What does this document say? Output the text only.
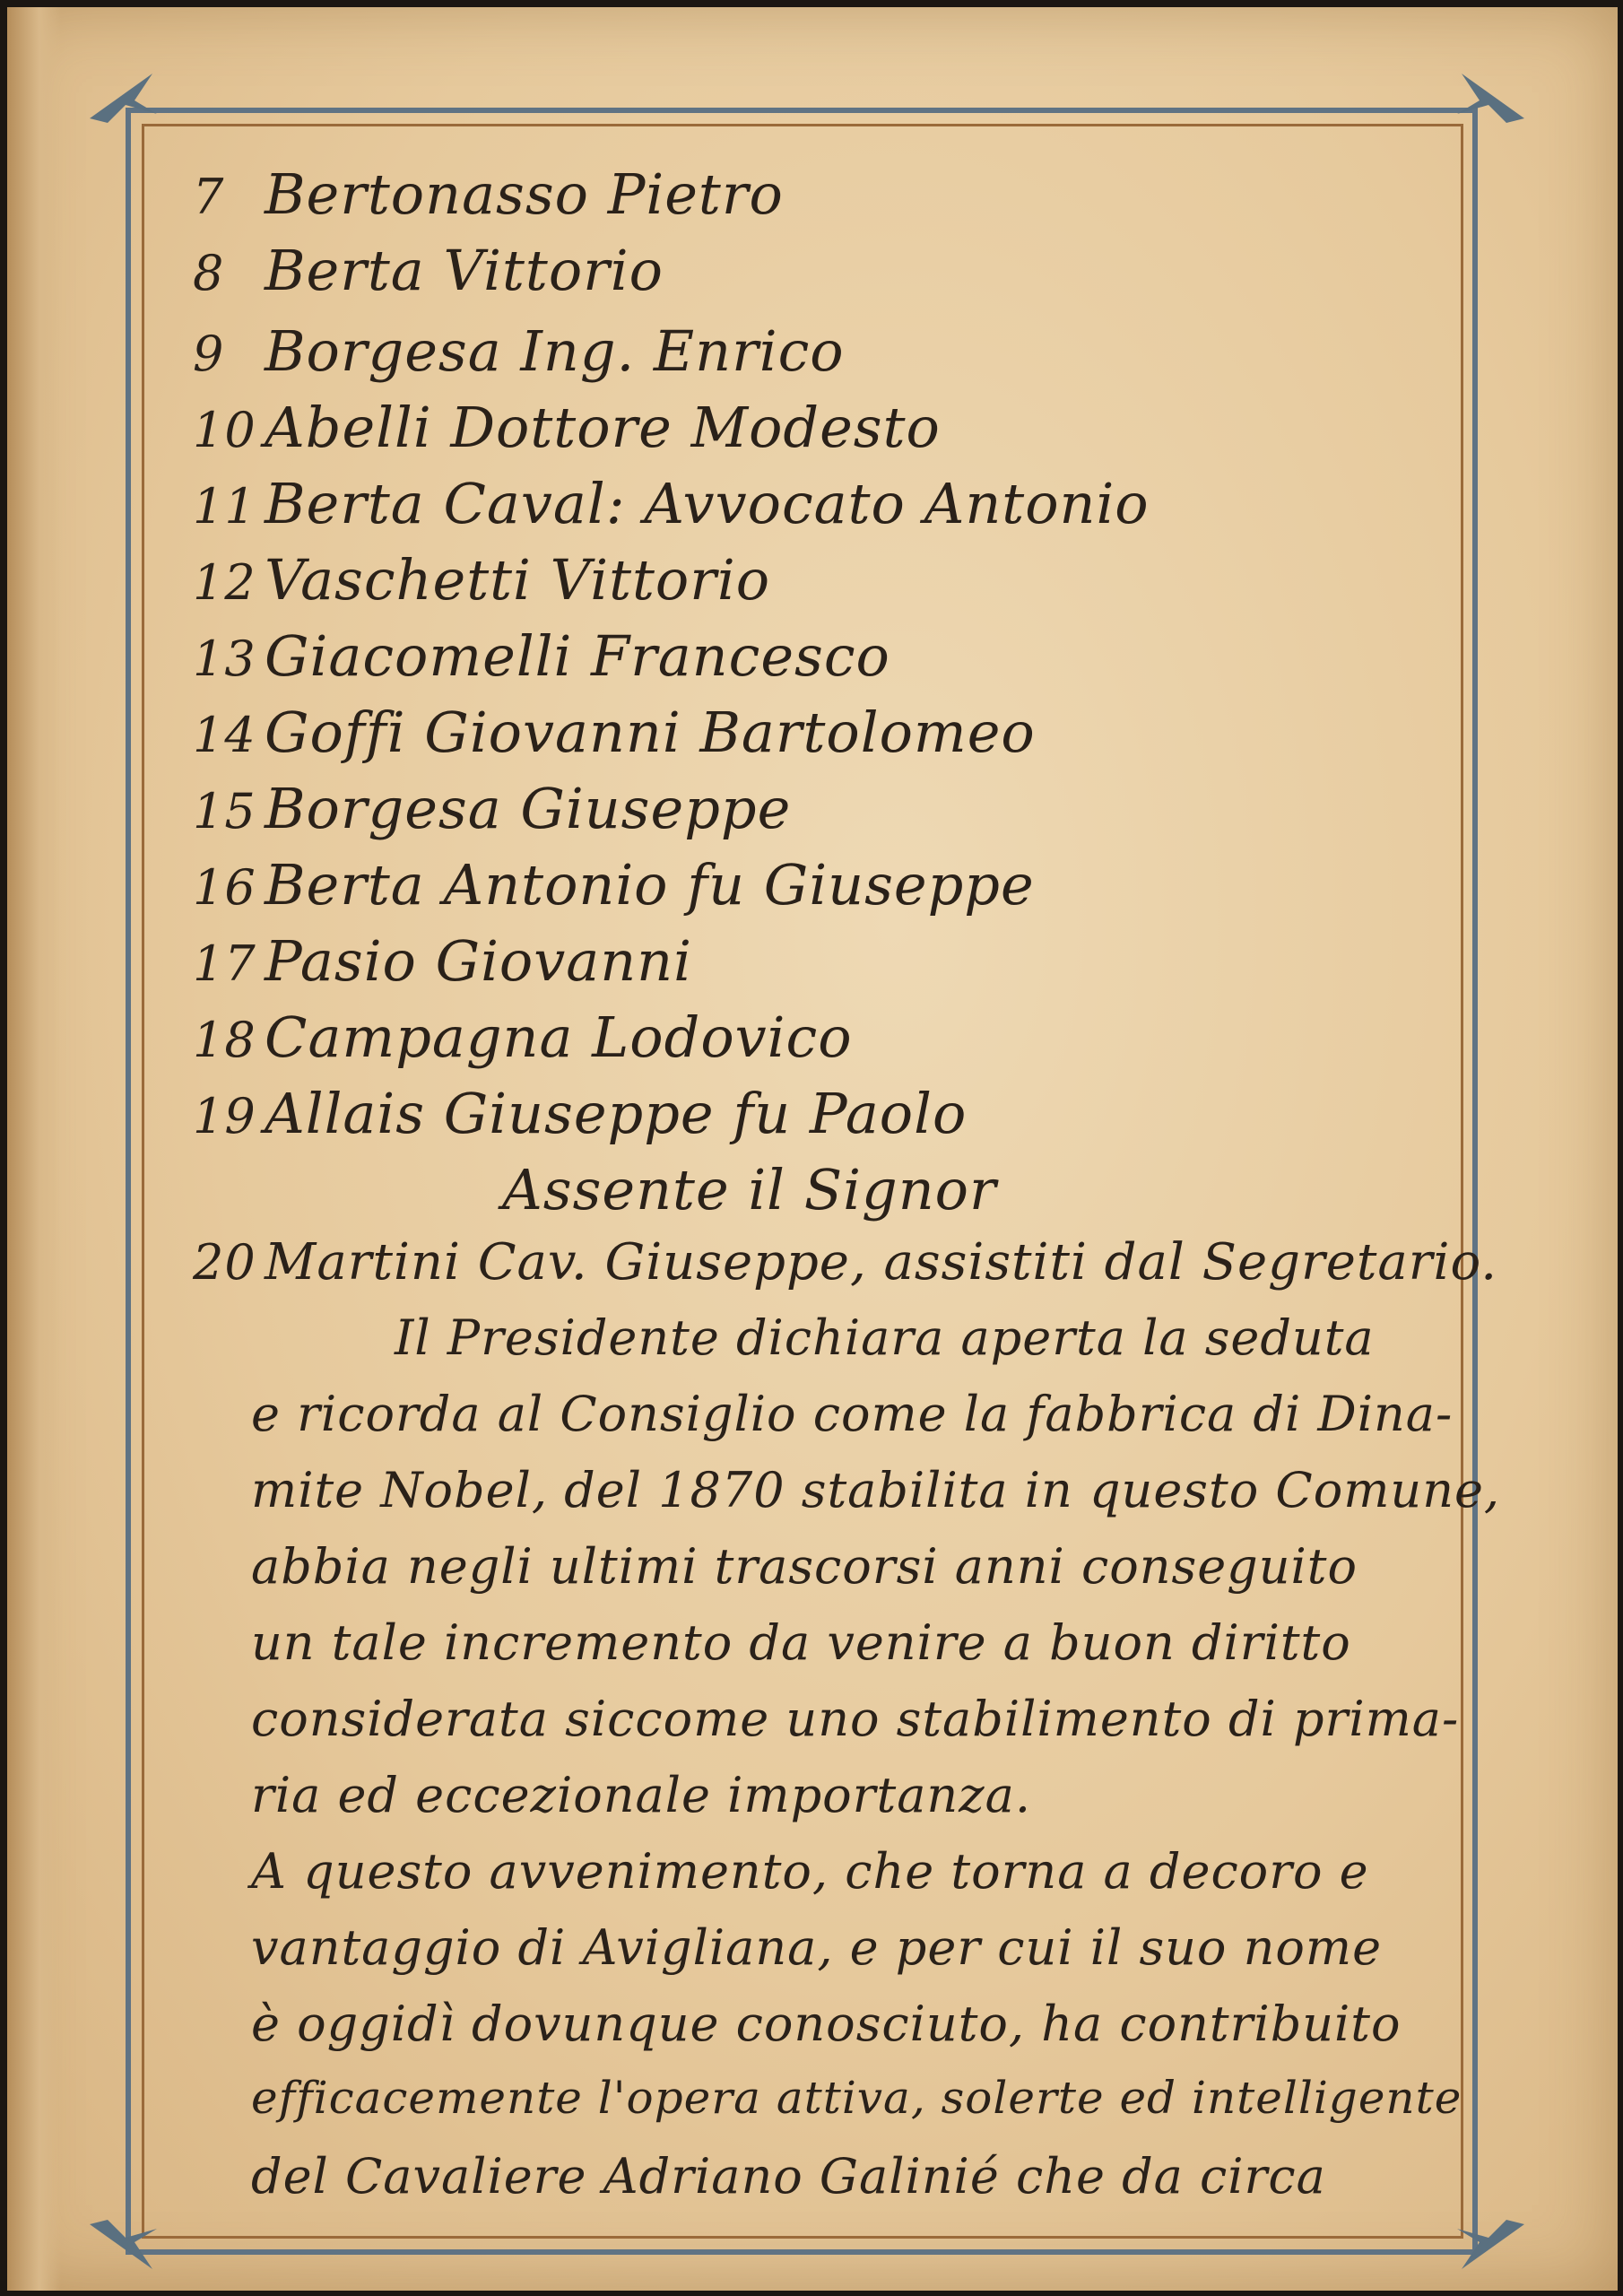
7 Bertonasso Pietro
8 Berta Vittorio
9 Borgesa Ing. Enrico
10 Abelli Dottore Modesto
11 Berta Caval: Avvocato Antonio
12 Vaschetti Vittorio
13 Giacomelli Francesco
14 Goffi Giovanni Bartolomeo
15 Borgesa Giuseppe
16 Berta Antonio fu Giuseppe
17 Pasio Giovanni
18 Campagna Lodovico
19 Allais Giuseppe fu Paolo
Assente il Signor
20 Martini Cav. Giuseppe, assistiti dal Segretario.
Il Presidente dichiara aperta la seduta
e ricorda al Consiglio come la fabbrica di Dina-
mite Nobel, del 1870 stabilita in questo Comune,
abbia negli ultimi trascorsi anni conseguito
un tale incremento da venire a buon diritto
considerata siccome uno stabilimento di prima-
ria ed eccezionale importanza.
A questo avvenimento, che torna a decoro e
vantaggio di Avigliana, e per cui il suo nome
è oggidì dovunque conosciuto, ha contribuito
efficacemente l'opera attiva, solerte ed intelligente
del Cavaliere Adriano Galinié che da circa
